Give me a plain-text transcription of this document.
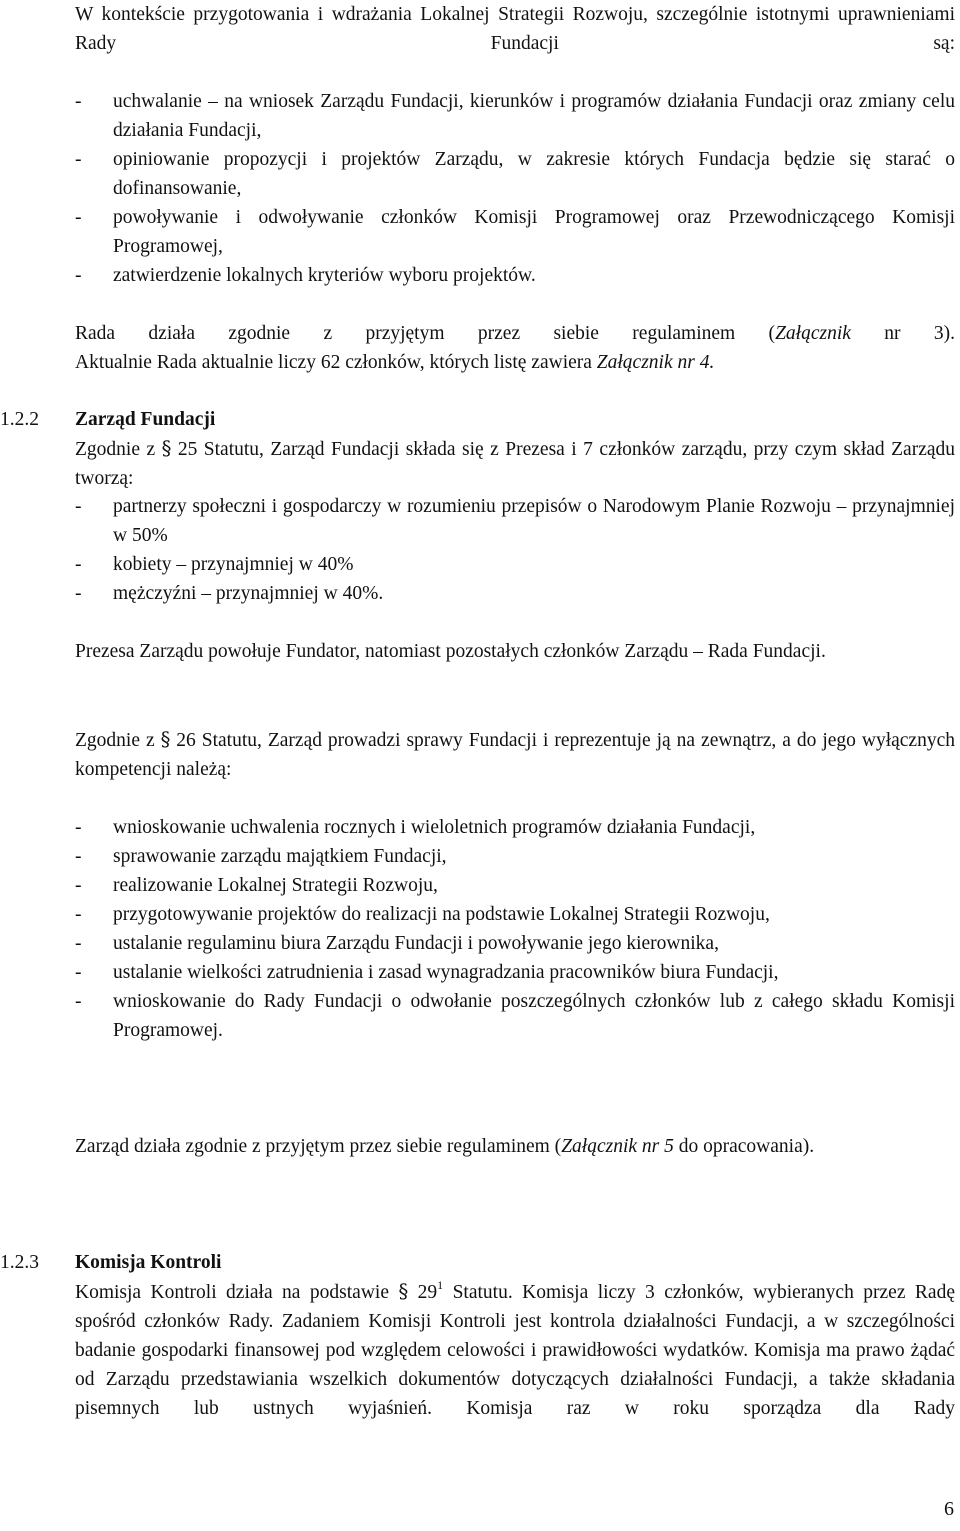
W kontekście przygotowania i wdrażania Lokalnej Strategii Rozwoju, szczególnie istotnymi uprawnieniami Rady Fundacji są:

- uchwalanie – na wniosek Zarządu Fundacji, kierunków i programów działania Fundacji oraz zmiany celu działania Fundacji,
- opiniowanie propozycji i projektów Zarządu, w zakresie których Fundacja będzie się starać o dofinansowanie,
- powoływanie i odwoływanie członków Komisji Programowej oraz Przewodniczącego Komisji Programowej,
- zatwierdzenie lokalnych kryteriów wyboru projektów.

Rada działa zgodnie z przyjętym przez siebie regulaminem (Załącznik nr 3).

Aktualnie Rada aktualnie liczy 62 członków, których listę zawiera Załącznik nr 4.

1.2.2	Zarząd Fundacji

Zgodnie z § 25 Statutu, Zarząd Fundacji składa się z Prezesa i 7 członków zarządu, przy czym skład Zarządu tworzą:

- partnerzy społeczni i gospodarczy w rozumieniu przepisów o Narodowym Planie Rozwoju – przynajmniej w 50%
- kobiety – przynajmniej w 40%
- mężczyźni – przynajmniej w 40%.

Prezesa Zarządu powołuje Fundator, natomiast pozostałych członków Zarządu – Rada Fundacji.

Zgodnie z § 26 Statutu, Zarząd prowadzi sprawy Fundacji i reprezentuje ją na zewnątrz, a do jego wyłącznych kompetencji należą:

- wnioskowanie uchwalenia rocznych i wieloletnich programów działania Fundacji,
- sprawowanie zarządu majątkiem Fundacji,
- realizowanie Lokalnej Strategii Rozwoju,
- przygotowywanie projektów do realizacji na podstawie Lokalnej Strategii Rozwoju,
- ustalanie regulaminu biura Zarządu Fundacji i powoływanie jego kierownika,
- ustalanie wielkości zatrudnienia i zasad wynagradzania pracowników biura Fundacji,
- wnioskowanie do Rady Fundacji o odwołanie poszczególnych członków lub z całego składu Komisji Programowej.

Zarząd działa zgodnie z przyjętym przez siebie regulaminem (Załącznik nr 5 do opracowania).

1.2.3	Komisja Kontroli

Komisja Kontroli działa na podstawie § $29^1$ Statutu. Komisja liczy 3 członków, wybieranych przez Radę spośród członków Rady. Zadaniem Komisji Kontroli jest kontrola działalności Fundacji, a w szczególności badanie gospodarki finansowej pod względem celowości i prawidłowości wydatków. Komisja ma prawo żądać od Zarządu przedstawiania wszelkich dokumentów dotyczących działalności Fundacji, a także składania pisemnych lub ustnych wyjaśnień. Komisja raz w roku sporządza dla Rady

6
